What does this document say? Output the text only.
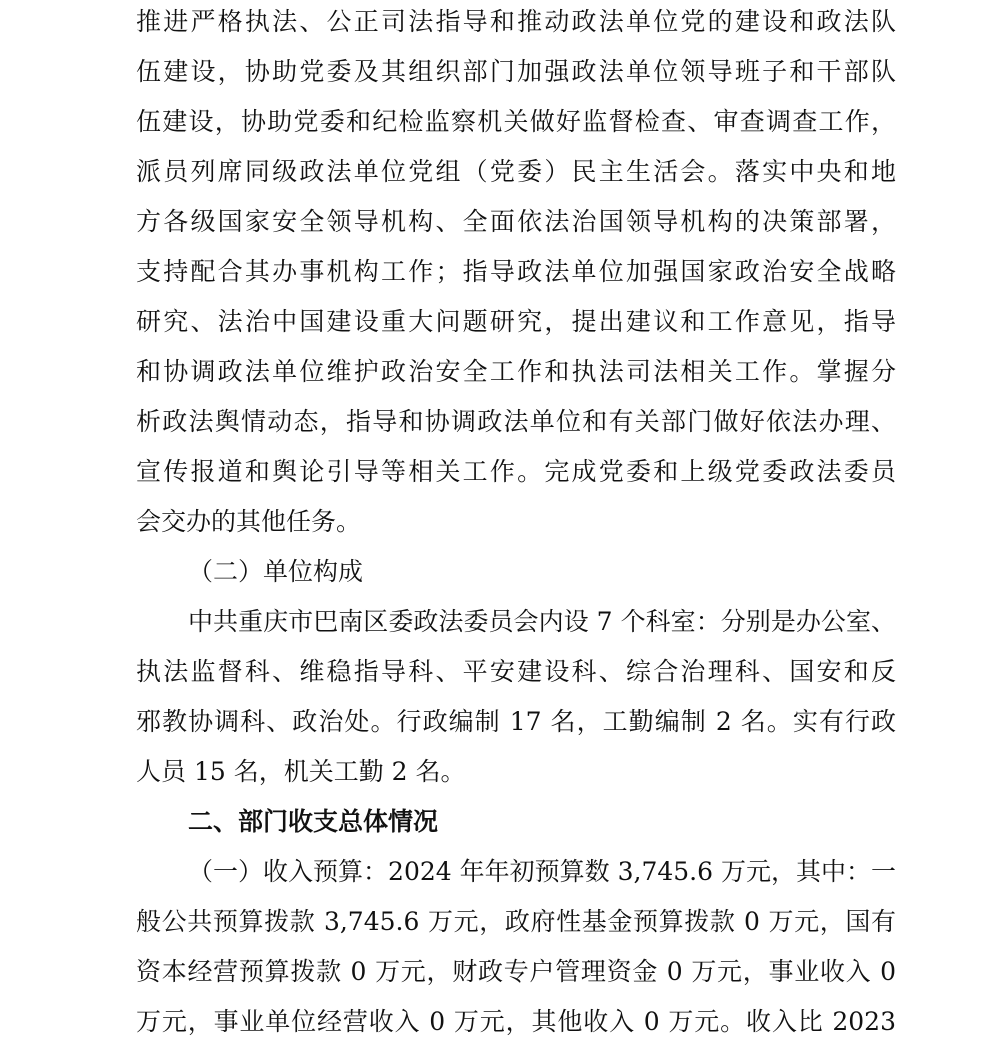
推进严格执法、公正司法指导和推动政法单位党的建设和政法队
伍建设，协助党委及其组织部门加强政法单位领导班子和干部队
伍建设，协助党委和纪检监察机关做好监督检查、审查调查工作，
派员列席同级政法单位党组（党委）民主生活会。落实中央和地
方各级国家安全领导机构、全面依法治国领导机构的决策部署，
支持配合其办事机构工作；指导政法单位加强国家政治安全战略
研究、法治中国建设重大问题研究，提出建议和工作意见，指导
和协调政法单位维护政治安全工作和执法司法相关工作。掌握分
析政法舆情动态，指导和协调政法单位和有关部门做好依法办理、
宣传报道和舆论引导等相关工作。完成党委和上级党委政法委员
会交办的其他任务。
（二）单位构成
中共重庆市巴南区委政法委员会内设 7 个科室：分别是办公室、
执法监督科、维稳指导科、平安建设科、综合治理科、国安和反
邪教协调科、政治处。行政编制 17 名，工勤编制 2 名。实有行政
人员 15 名，机关工勤 2 名。
二、部门收支总体情况
（一）收入预算：2024 年年初预算数 3,745.6 万元，其中：一
般公共预算拨款 3,745.6 万元，政府性基金预算拨款 0 万元，国有
资本经营预算拨款 0 万元，财政专户管理资金 0 万元，事业收入 0
万元，事业单位经营收入 0 万元，其他收入 0 万元。收入比 2023
